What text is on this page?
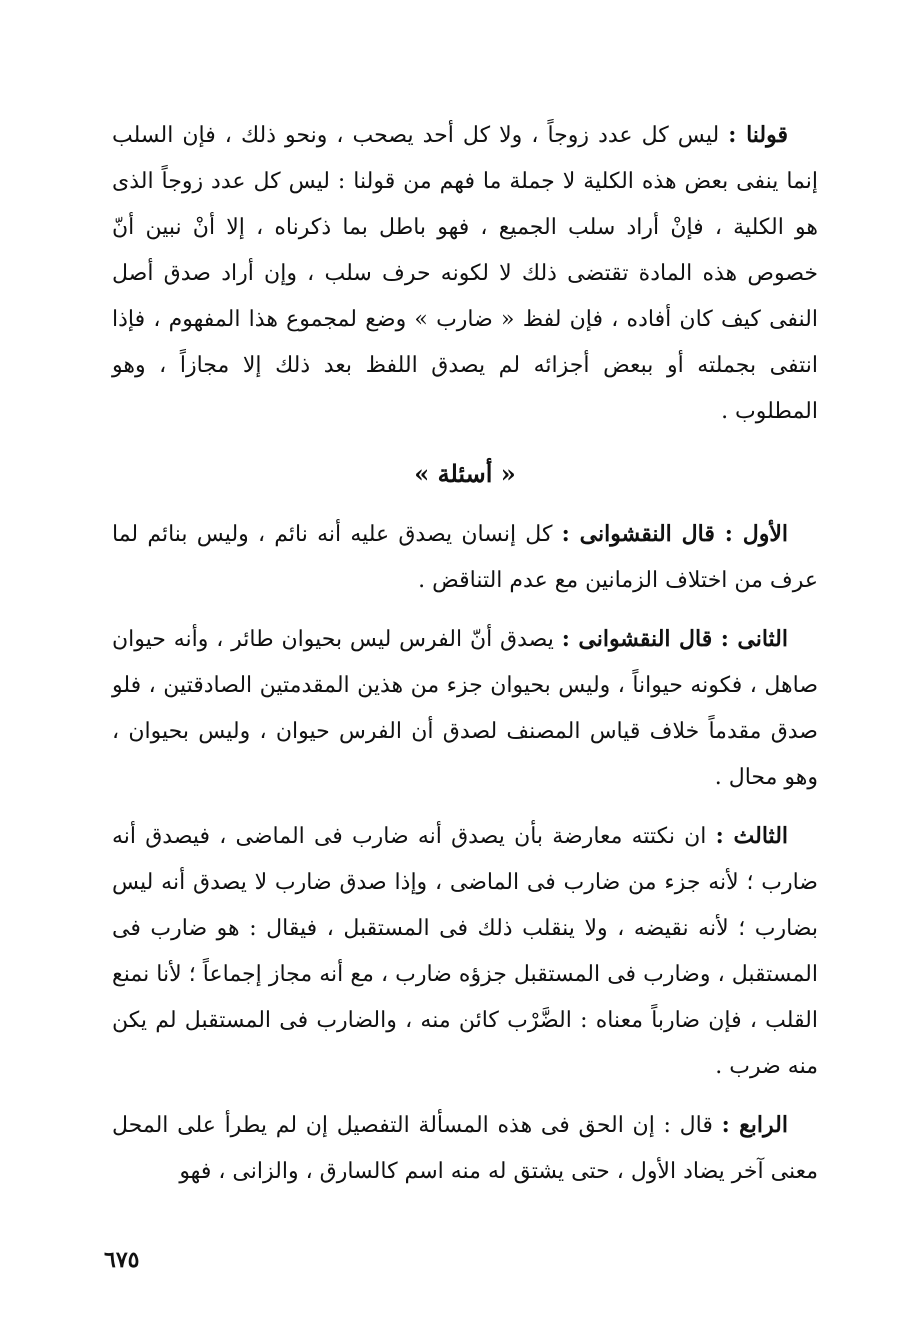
قولنا : ليس كل عدد زوجاً ، ولا كل أحد يصحب ، ونحو ذلك ، فإن السلب إنما ينفى بعض هذه الكلية لا جملة ما فهم من قولنا : ليس كل عدد زوجاً الذى هو الكلية ، فإنْ أراد سلب الجميع ، فهو باطل بما ذكرناه ، إلا أنْ نبين أنّ خصوص هذه المادة تقتضى ذلك لا لكونه حرف سلب ، وإن أراد صدق أصل النفى كيف كان أفاده ، فإن لفظ « ضارب » وضع لمجموع هذا المفهوم ، فإذا انتفى بجملته أو ببعض أجزائه لم يصدق اللفظ بعد ذلك إلا مجازاً ، وهو المطلوب .

« أسئلة »

الأول : قال النقشوانى : كل إنسان يصدق عليه أنه نائم ، وليس بنائم لما عرف من اختلاف الزمانين مع عدم التناقض .

الثانى : قال النقشوانى : يصدق أنّ الفرس ليس بحيوان طائر ، وأنه حيوان صاهل ، فكونه حيواناً ، وليس بحيوان جزء من هذين المقدمتين الصادقتين ، فلو صدق مقدماً خلاف قياس المصنف لصدق أن الفرس حيوان ، وليس بحيوان ، وهو محال .

الثالث : ان نكتته معارضة بأن يصدق أنه ضارب فى الماضى ، فيصدق أنه ضارب ؛ لأنه جزء من ضارب فى الماضى ، وإذا صدق ضارب لا يصدق أنه ليس بضارب ؛ لأنه نقيضه ، ولا ينقلب ذلك فى المستقبل ، فيقال : هو ضارب فى المستقبل ، وضارب فى المستقبل جزؤه ضارب ، مع أنه مجاز إجماعاً ؛ لأنا نمنع القلب ، فإن ضارباً معناه : الضَّرْب كائن منه ، والضارب فى المستقبل لم يكن منه ضرب .

الرابع : قال : إن الحق فى هذه المسألة التفصيل إن لم يطرأ على المحل معنى آخر يضاد الأول ، حتى يشتق له منه اسم كالسارق ، والزانى ، فهو

٦٧٥
